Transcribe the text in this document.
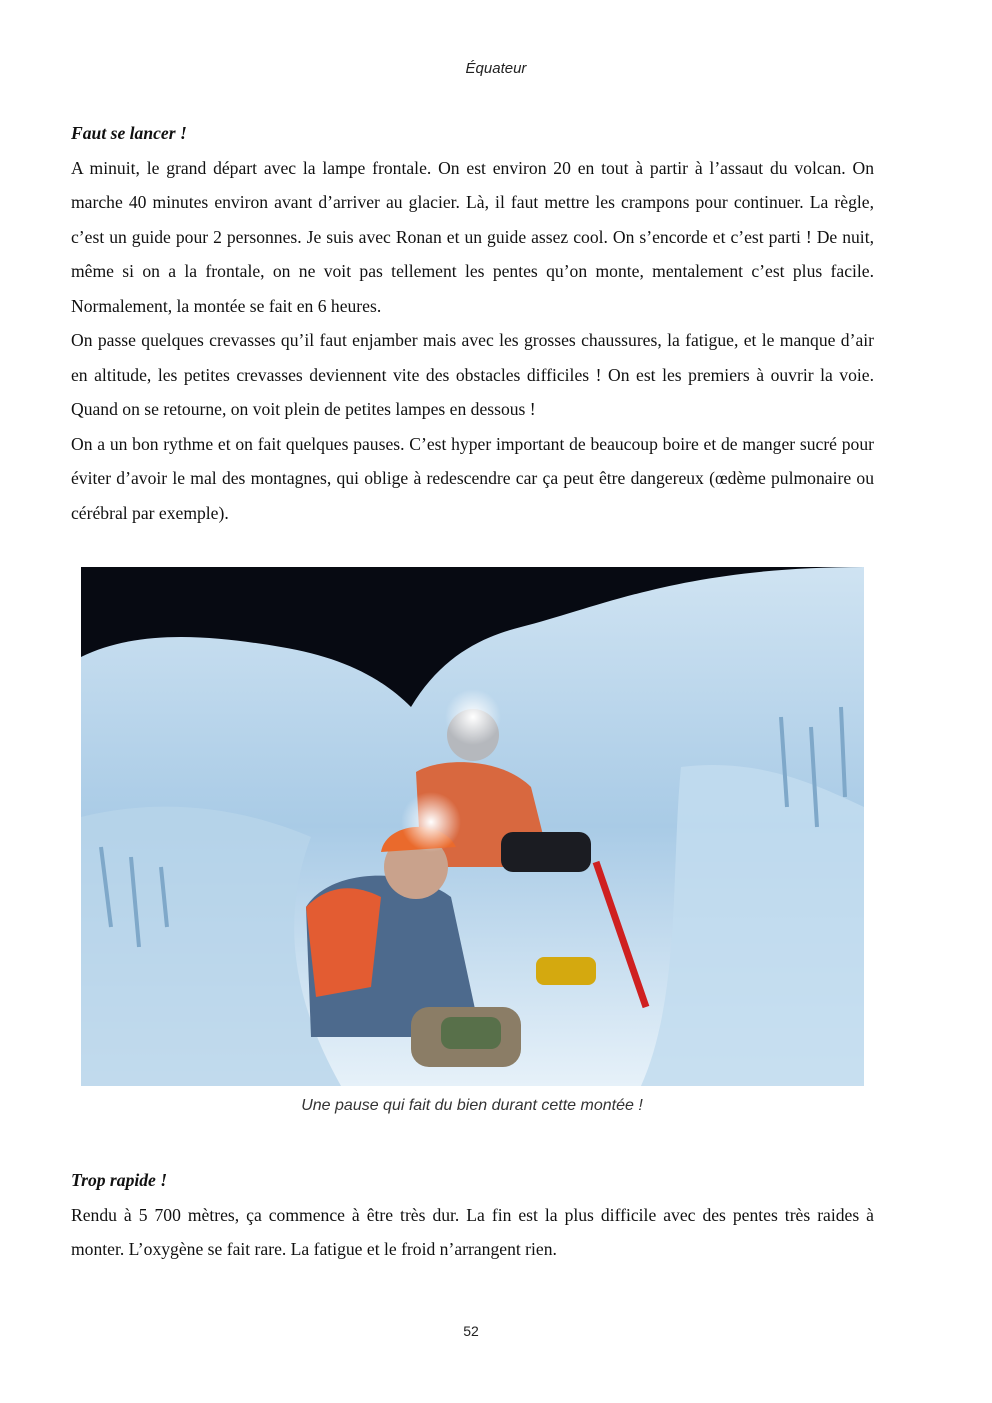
Équateur

Faut se lancer !

A minuit, le grand départ avec la lampe frontale. On est environ 20 en tout à partir à l’assaut du volcan. On marche 40 minutes environ avant d’arriver au glacier. Là, il faut mettre les crampons pour continuer. La règle, c’est un guide pour 2 personnes. Je suis avec Ronan et un guide assez cool. On s’encorde et c’est parti ! De nuit, même si on a la frontale, on ne voit pas tellement les pentes qu’on monte, mentalement c’est plus facile. Normalement, la montée se fait en 6 heures.

On passe quelques crevasses qu’il faut enjamber mais avec les grosses chaussures, la fatigue, et le manque d’air en altitude, les petites crevasses deviennent vite des obstacles difficiles ! On est les premiers à ouvrir la voie. Quand on se retourne, on voit plein de petites lampes en dessous !

On a un bon rythme et on fait quelques pauses. C’est hyper important de beaucoup boire et de manger sucré pour éviter d’avoir le mal des montagnes, qui oblige à redescendre car ça peut être dangereux (œdème pulmonaire ou cérébral par exemple).

Une pause qui fait du bien durant cette montée !

Trop rapide !

Rendu à 5 700 mètres, ça commence à être très dur. La fin est la plus difficile avec des pentes très raides à monter. L’oxygène se fait rare. La fatigue et le froid n’arrangent rien.

52
